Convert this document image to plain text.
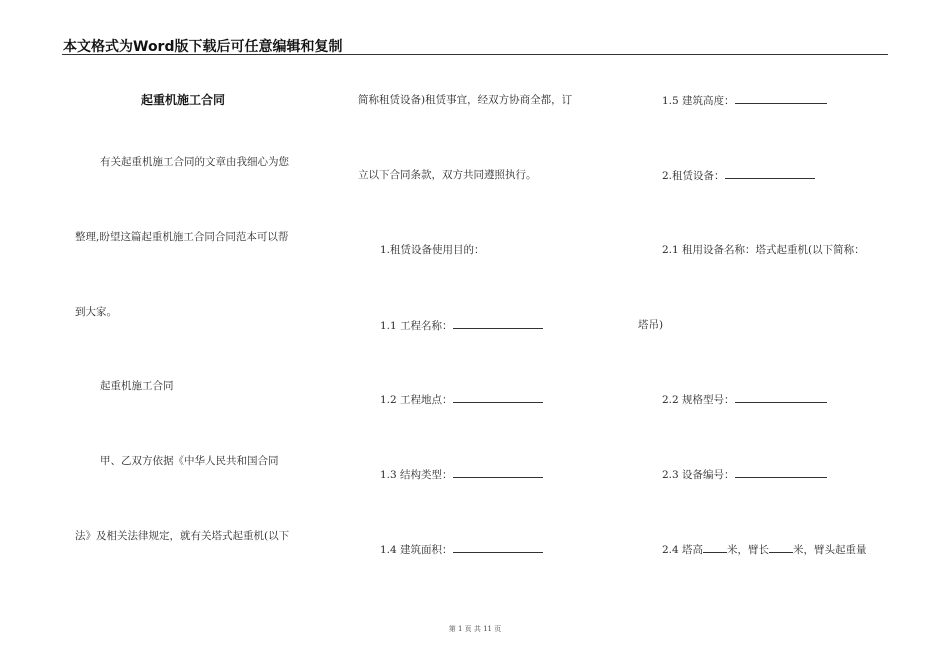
本文格式为Word版下载后可任意编辑和复制
起重机施工合同
有关起重机施工合同的文章由我细心为您
整理,盼望这篇起重机施工合同合同范本可以帮
到大家。
起重机施工合同
甲、乙双方依据《中华人民共和国合同
法》及相关法律规定，就有关塔式起重机(以下
简称租赁设备)租赁事宜，经双方协商全都，订
立以下合同条款，双方共同遵照执行。
1.租赁设备使用目的：
1.1 工程名称：
1.2 工程地点：
1.3 结构类型：
1.4 建筑面积：
1.5 建筑高度：
2.租赁设备：
2.1 租用设备名称：塔式起重机(以下简称：
塔吊)
2.2 规格型号：
2.3 设备编号：
2.4 塔高 米，臂长 米，臂头起重量
第 1 页 共 11 页
